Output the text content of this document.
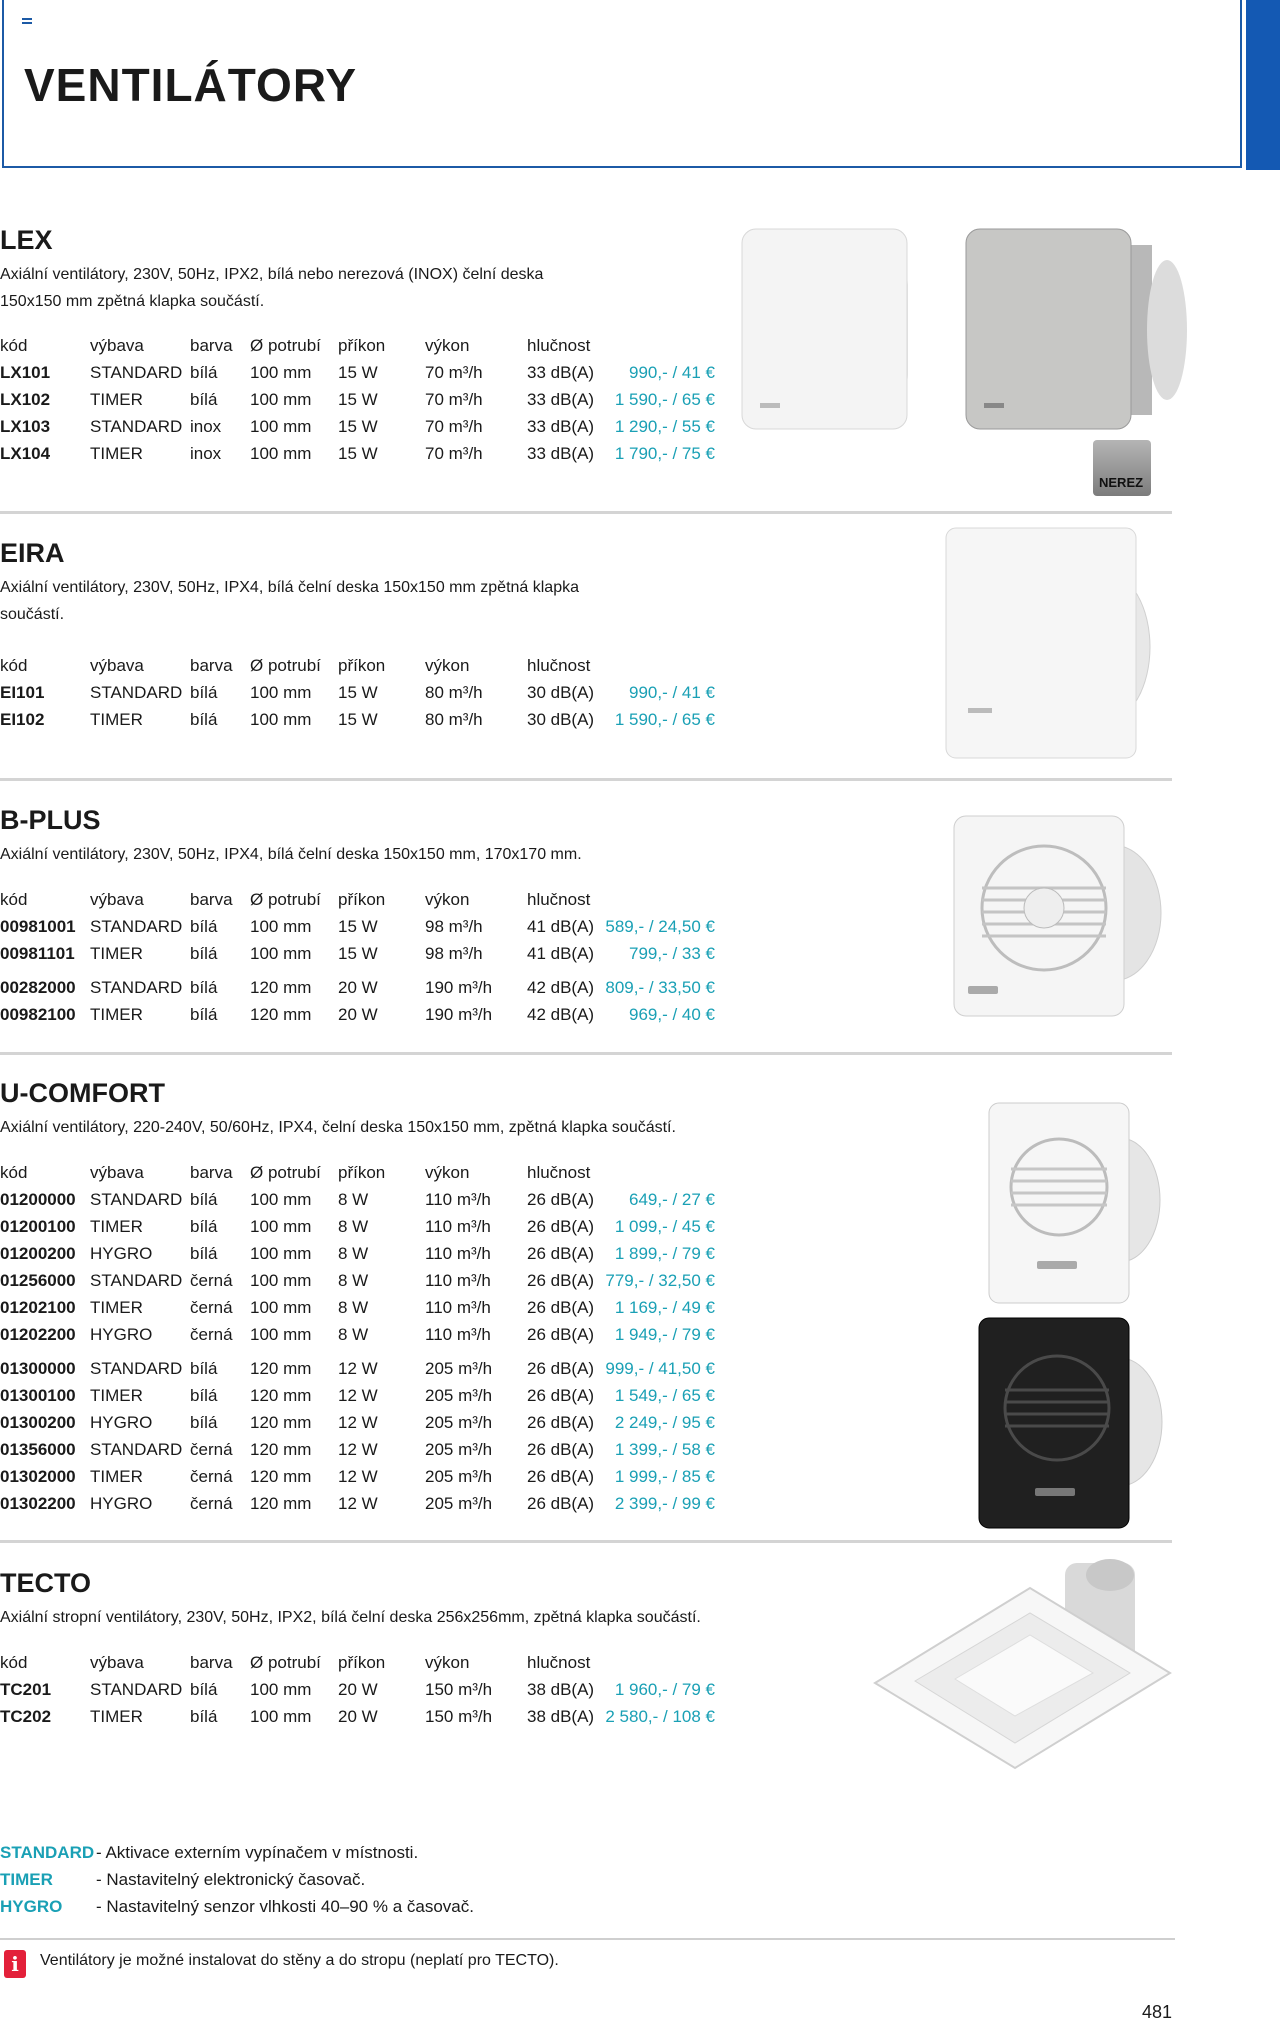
VENTILÁTORY
LEX
Axiální ventilátory, 230V, 50Hz, IPX2, bílá nebo nerezová (INOX) čelní deska 150x150 mm zpětná klapka součástí.
kód	výbava	barva Ø potrubí příkon výkon	hlučnost
LX101 STANDARD bílá 100 mm 15 W	70 m³/h	33 dB(A)	990,- / 41 €
LX102 TIMER	bílá 100 mm 15 W	70 m³/h	33 dB(A)	1 590,- / 65 €
LX103 STANDARD inox 100 mm 15 W	70 m³/h	33 dB(A)	1 290,- / 55 €
LX104 TIMER	inox 100 mm 15 W	70 m³/h	33 dB(A)	1 790,- / 75 €
NEREZ
EIRA
Axiální ventilátory, 230V, 50Hz, IPX4, bílá čelní deska 150x150 mm zpětná klapka součástí.
kód	výbava	barva Ø potrubí příkon výkon	hlučnost
EI101	STANDARD bílá 100 mm 15 W	80 m³/h	30 dB(A)	990,- / 41 €
EI102	TIMER	bílá 100 mm 15 W	80 m³/h	30 dB(A)	1 590,- / 65 €
B-PLUS
Axiální ventilátory, 230V, 50Hz, IPX4, bílá čelní deska 150x150 mm, 170x170 mm.
kód	výbava	barva Ø potrubí příkon výkon	hlučnost
00981001 STANDARD bílá 100 mm 15 W	98 m³/h	41 dB(A) 589,- / 24,50 €
00981101 TIMER	bílá 100 mm 15 W	98 m³/h	41 dB(A)	799,- / 33 €
00282000 STANDARD bílá 120 mm 20 W	190 m³/h 42 dB(A) 809,- / 33,50 €
00982100 TIMER	bílá 120 mm 20 W	190 m³/h 42 dB(A)	969,- / 40 €
U-COMFORT
Axiální ventilátory, 220-240V, 50/60Hz, IPX4, čelní deska 150x150 mm, zpětná klapka součástí.
kód	výbava	barva Ø potrubí příkon výkon	hlučnost
01200000 STANDARD bílá 100 mm 8 W	110 m³/h 26 dB(A)	649,- / 27 €
01200100 TIMER	bílá 100 mm 8 W	110 m³/h 26 dB(A)	1 099,- / 45 €
01200200 HYGRO bílá 100 mm 8 W	110 m³/h 26 dB(A)	1 899,- / 79 €
01256000 STANDARD černá 100 mm 8 W	110 m³/h 26 dB(A) 779,- / 32,50 €
01202100 TIMER	černá 100 mm 8 W	110 m³/h 26 dB(A)	1 169,- / 49 €
01202200 HYGRO černá 100 mm 8 W	110 m³/h 26 dB(A)	1 949,- / 79 €
01300000 STANDARD bílá 120 mm 12 W	205 m³/h 26 dB(A) 999,- / 41,50 €
01300100 TIMER	bílá 120 mm 12 W	205 m³/h 26 dB(A)	1 549,- / 65 €
01300200 HYGRO bílá 120 mm 12 W	205 m³/h 26 dB(A)	2 249,- / 95 €
01356000 STANDARD černá 120 mm 12 W	205 m³/h 26 dB(A)	1 399,- / 58 €
01302000 TIMER	černá 120 mm 12 W	205 m³/h 26 dB(A)	1 999,- / 85 €
01302200 HYGRO černá 120 mm 12 W	205 m³/h 26 dB(A)	2 399,- / 99 €
TECTO
Axiální stropní ventilátory, 230V, 50Hz, IPX2, bílá čelní deska 256x256mm, zpětná klapka součástí.
kód	výbava	barva Ø potrubí příkon výkon	hlučnost
TC201 STANDARD bílá 100 mm 20 W	150 m³/h 38 dB(A)	1 960,- / 79 €
TC202 TIMER	bílá 100 mm 20 W	150 m³/h 38 dB(A) 2 580,- / 108 €
STANDARD - Aktivace externím vypínačem v místnosti.
TIMER	- Nastavitelný elektronický časovač.
HYGRO - Nastavitelný senzor vlhkosti 40–90 % a časovač.
i	Ventilátory je možné instalovat do stěny a do stropu (neplatí pro TECTO).
481
